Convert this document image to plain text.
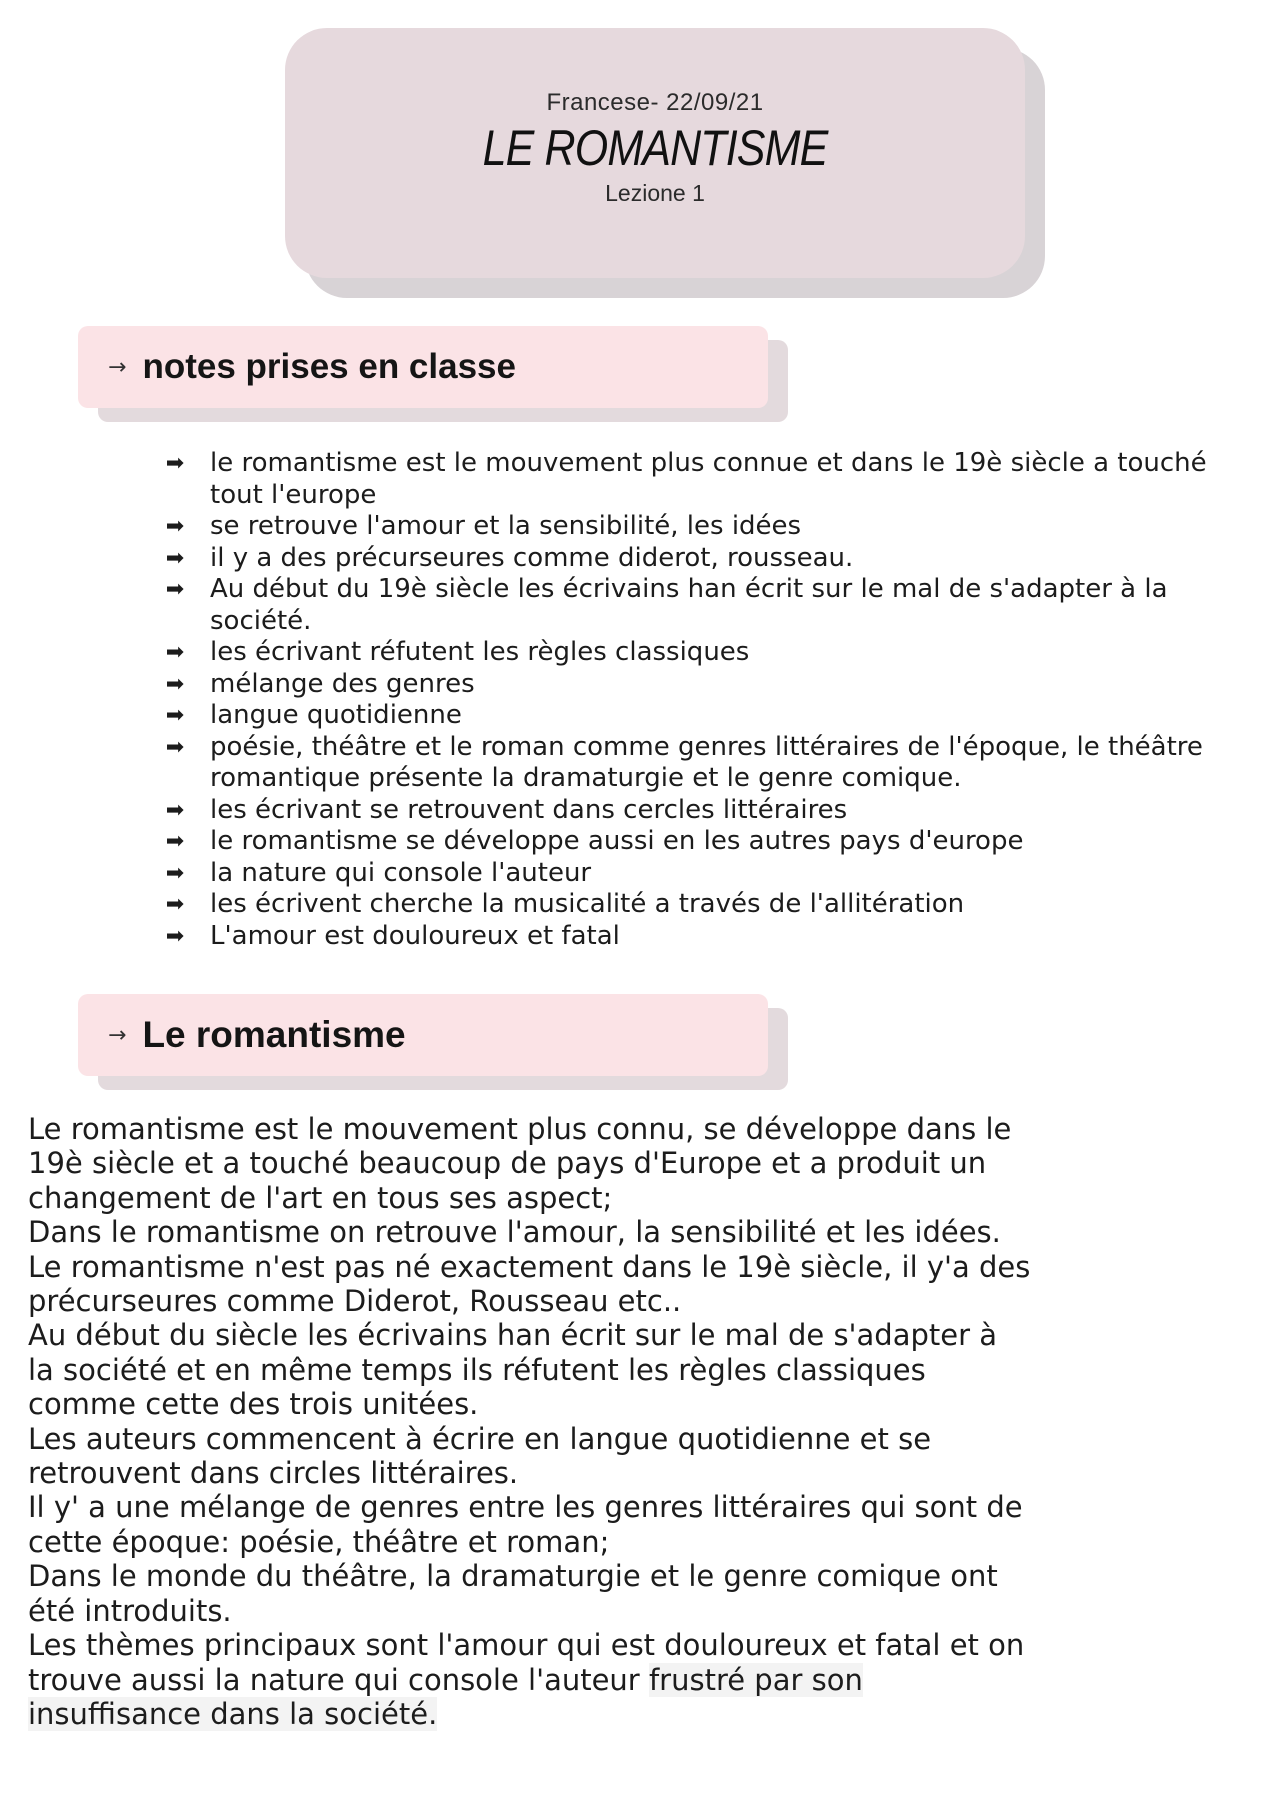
Francese- 22/09/21
LE ROMANTISME
Lezione 1
→ notes prises en classe
➡ le romantisme est le mouvement plus connue et dans le 19è siècle a touché tout l'europe
➡ se retrouve l'amour et la sensibilité, les idées
➡ il y a des précurseures comme diderot, rousseau.
➡ Au début du 19è siècle les écrivains han écrit sur le mal de s'adapter à la société.
➡ les écrivant réfutent les règles classiques
➡ mélange des genres
➡ langue quotidienne
➡ poésie, théâtre et le roman comme genres littéraires de l'époque, le théâtre romantique présente la dramaturgie et le genre comique.
➡ les écrivant se retrouvent dans cercles littéraires
➡ le romantisme se développe aussi en les autres pays d'europe
➡ la nature qui console l'auteur
➡ les écrivent cherche la musicalité a través de l'allitération
➡ L'amour est douloureux et fatal
→ Le romantisme
Le romantisme est le mouvement plus connu, se développe dans le
19è siècle et a touché beaucoup de pays d'Europe et a produit un
changement de l'art en tous ses aspect;
Dans le romantisme on retrouve l'amour, la sensibilité et les idées.
Le romantisme n'est pas né exactement dans le 19è siècle, il y'a des
précurseures comme Diderot, Rousseau etc..
Au début du siècle les écrivains han écrit sur le mal de s'adapter à
la société et en même temps ils réfutent les règles classiques
comme cette des trois unitées.
Les auteurs commencent à écrire en langue quotidienne et se
retrouvent dans circles littéraires.
Il y' a une mélange de genres entre les genres littéraires qui sont de
cette époque: poésie, théâtre et roman;
Dans le monde du théâtre, la dramaturgie et le genre comique ont
été introduits.
Les thèmes principaux sont l'amour qui est douloureux et fatal et on
trouve aussi la nature qui console l'auteur frustré par son
insuffisance dans la société.
